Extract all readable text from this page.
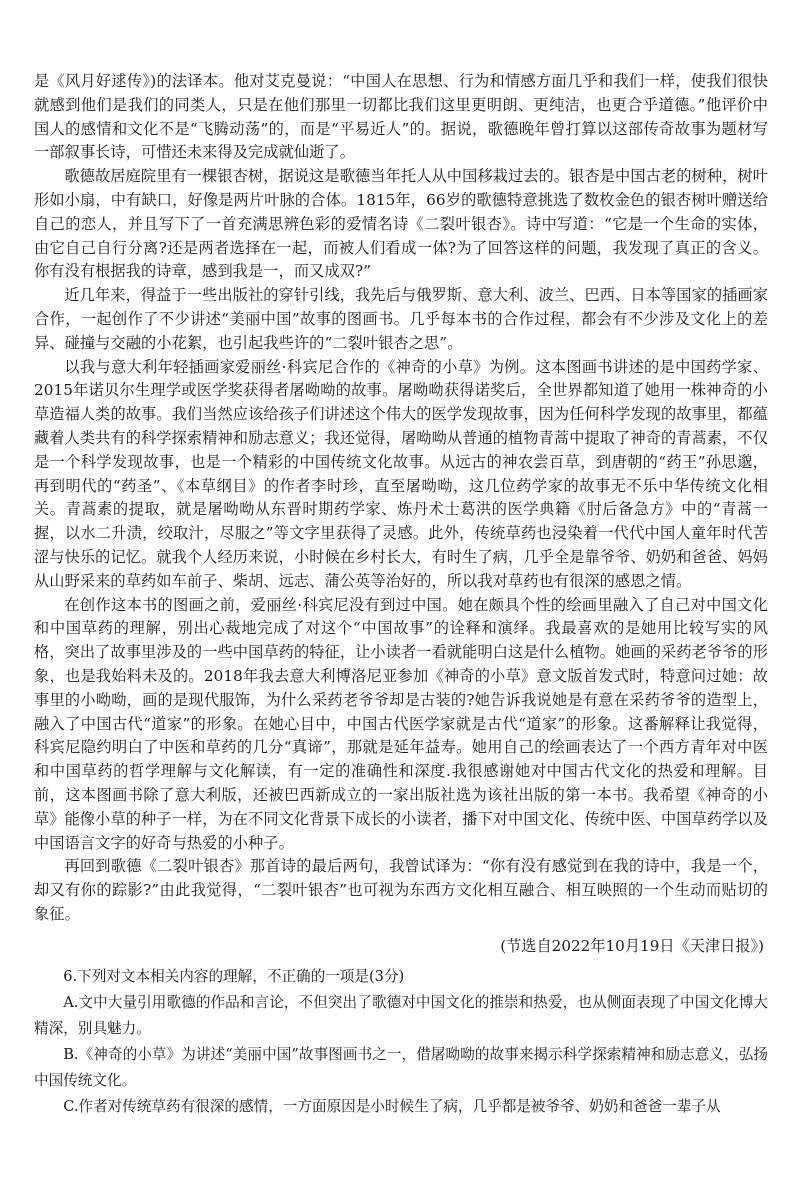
是《风月好逑传》)的法译本。他对艾克曼说：“中国人在思想、行为和情感方面几乎和我们一样，使我们很快就感到他们是我们的同类人，只是在他们那里一切都比我们这里更明朗、更纯洁，也更合乎道德。”他评价中国人的感情和文化不是“飞腾动荡”的，而是“平易近人”的。据说，歌德晚年曾打算以这部传奇故事为题材写一部叙事长诗，可惜还未来得及完成就仙逝了。

歌德故居庭院里有一棵银杏树，据说这是歌德当年托人从中国移栽过去的。银杏是中国古老的树种，树叶形如小扇，中有缺口，好像是两片叶脉的合体。1815年，66岁的歌德特意挑选了数枚金色的银杏树叶赠送给自己的恋人，并且写下了一首充满思辨色彩的爱情名诗《二裂叶银杏》。诗中写道：“它是一个生命的实体，由它自己自行分离?还是两者选择在一起，而被人们看成一体?为了回答这样的问题，我发现了真正的含义。你有没有根据我的诗章，感到我是一，而又成双?”

近几年来，得益于一些出版社的穿针引线，我先后与俄罗斯、意大利、波兰、巴西、日本等国家的插画家合作，一起创作了不少讲述“美丽中国”故事的图画书。几乎每本书的合作过程，都会有不少涉及文化上的差异、碰撞与交融的小花絮，也引起我些许的“二裂叶银杏之思”。

以我与意大利年轻插画家爱丽丝·科宾尼合作的《神奇的小草》为例。这本图画书讲述的是中国药学家、2015年诺贝尔生理学或医学奖获得者屠呦呦的故事。屠呦呦获得诺奖后，全世界都知道了她用一株神奇的小草造福人类的故事。我们当然应该给孩子们讲述这个伟大的医学发现故事，因为任何科学发现的故事里，都蕴藏着人类共有的科学探索精神和励志意义；我还觉得，屠呦呦从普通的植物青蒿中提取了神奇的青蒿素，不仅是一个科学发现故事，也是一个精彩的中国传统文化故事。从远古的神农尝百草，到唐朝的“药王”孙思邈，再到明代的“药圣”、《本草纲目》的作者李时珍，直至屠呦呦，这几位药学家的故事无不乐中华传统文化相关。青蒿素的提取，就是屠呦呦从东晋时期药学家、炼丹术士葛洪的医学典籍《肘后备急方》中的“青蒿一握，以水二升渍，绞取汁，尽服之”等文字里获得了灵感。此外，传统草药也浸染着一代代中国人童年时代苦涩与快乐的记忆。就我个人经历来说，小时候在乡村长大，有时生了病，几乎全是靠爷爷、奶奶和爸爸、妈妈从山野采来的草药如车前子、柴胡、远志、蒲公英等治好的，所以我对草药也有很深的感恩之情。

在创作这本书的图画之前，爱丽丝·科宾尼没有到过中国。她在颇具个性的绘画里融入了自己对中国文化和中国草药的理解，别出心裁地完成了对这个“中国故事”的诠释和演绎。我最喜欢的是她用比较写实的风格，突出了故事里涉及的一些中国草药的特征，让小读者一看就能明白这是什么植物。她画的采药老爷爷的形象，也是我始料未及的。2018年我去意大利博洛尼亚参加《神奇的小草》意文版首发式时，特意问过她：故事里的小呦呦，画的是现代服饰，为什么采药老爷爷却是古装的?她告诉我说她是有意在采药爷爷的造型上，融入了中国古代“道家”的形象。在她心目中，中国古代医学家就是古代“道家”的形象。这番解释让我觉得，科宾尼隐约明白了中医和草药的几分“真谛”，那就是延年益寿。她用自己的绘画表达了一个西方青年对中医和中国草药的哲学理解与文化解读，有一定的准确性和深度.我很感谢她对中国古代文化的热爱和理解。目前，这本图画书除了意大利版，还被巴西新成立的一家出版社选为该社出版的第一本书。我希望《神奇的小草》能像小草的种子一样，为在不同文化背景下成长的小读者，播下对中国文化、传统中医、中国草药学以及中国语言文字的好奇与热爱的小种子。

再回到歌德《二裂叶银杏》那首诗的最后两句，我曾试译为：“你有没有感觉到在我的诗中，我是一个，却又有你的踪影?”由此我觉得，“二裂叶银杏”也可视为东西方文化相互融合、相互映照的一个生动而贴切的象征。

(节选自2022年10月19日《天津日报》)

6.下列对文本相关内容的理解，不正确的一项是(3分)

A.文中大量引用歌德的作品和言论，不但突出了歌德对中国文化的推崇和热爱，也从侧面表现了中国文化博大精深，别具魅力。

B.《神奇的小草》为讲述“美丽中国”故事图画书之一，借屠呦呦的故事来揭示科学探索精神和励志意义，弘扬中国传统文化。

C.作者对传统草药有很深的感情，一方面原因是小时候生了病，几乎都是被爷爷、奶奶和爸爸一辈子从
